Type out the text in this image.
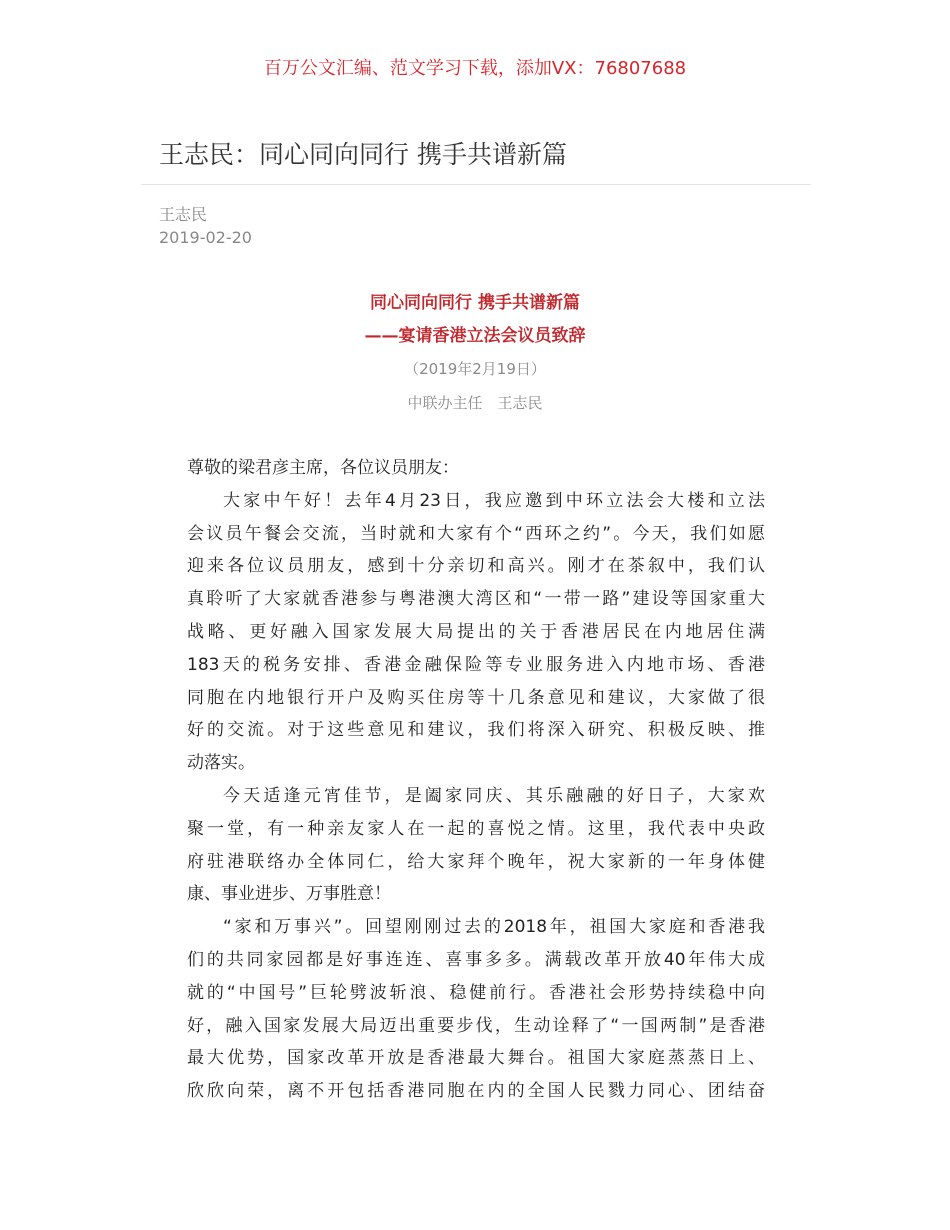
百万公文汇编、范文学习下载，添加VX：76807688
王志民：同心同向同行 携手共谱新篇
王志民
2019-02-20
同心同向同行 携手共谱新篇
——宴请香港立法会议员致辞
（2019年2月19日）
中联办主任　王志民
尊敬的梁君彦主席，各位议员朋友：
大家中午好！去年4月23日，我应邀到中环立法会大楼和立法
会议员午餐会交流，当时就和大家有个“西环之约”。今天，我们如愿
迎来各位议员朋友，感到十分亲切和高兴。刚才在茶叙中，我们认
真聆听了大家就香港参与粤港澳大湾区和“一带一路”建设等国家重大
战略、更好融入国家发展大局提出的关于香港居民在内地居住满
183天的税务安排、香港金融保险等专业服务进入内地市场、香港
同胞在内地银行开户及购买住房等十几条意见和建议，大家做了很
好的交流。对于这些意见和建议，我们将深入研究、积极反映、推
动落实。
今天适逢元宵佳节，是阖家同庆、其乐融融的好日子，大家欢
聚一堂，有一种亲友家人在一起的喜悦之情。这里，我代表中央政
府驻港联络办全体同仁，给大家拜个晚年，祝大家新的一年身体健
康、事业进步、万事胜意！
“家和万事兴”。回望刚刚过去的2018年，祖国大家庭和香港我
们的共同家园都是好事连连、喜事多多。满载改革开放40年伟大成
就的“中国号”巨轮劈波斩浪、稳健前行。香港社会形势持续稳中向
好，融入国家发展大局迈出重要步伐，生动诠释了“一国两制”是香港
最大优势，国家改革开放是香港最大舞台。祖国大家庭蒸蒸日上、
欣欣向荣，离不开包括香港同胞在内的全国人民戮力同心、团结奋
